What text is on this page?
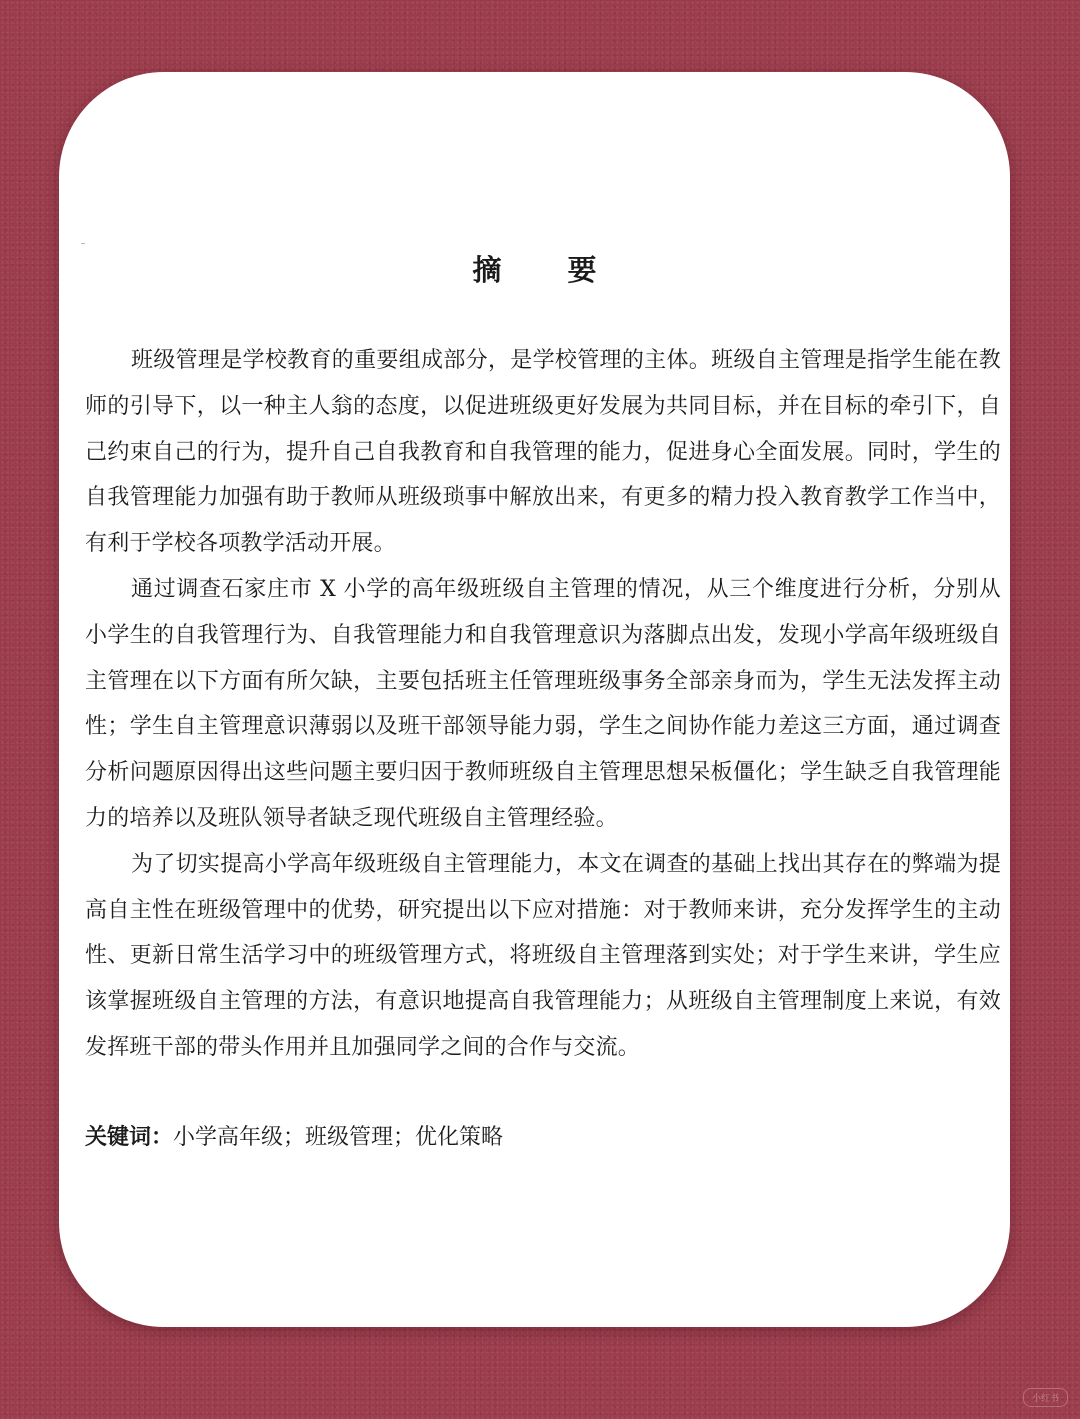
摘 要

班级管理是学校教育的重要组成部分，是学校管理的主体。班级自主管理是指学生能在教师的引导下，以一种主人翁的态度，以促进班级更好发展为共同目标，并在目标的牵引下，自己约束自己的行为，提升自己自我教育和自我管理的能力，促进身心全面发展。同时，学生的自我管理能力加强有助于教师从班级琐事中解放出来，有更多的精力投入教育教学工作当中，有利于学校各项教学活动开展。

通过调查石家庄市 X 小学的高年级班级自主管理的情况，从三个维度进行分析，分别从小学生的自我管理行为、自我管理能力和自我管理意识为落脚点出发，发现小学高年级班级自主管理在以下方面有所欠缺，主要包括班主任管理班级事务全部亲身而为，学生无法发挥主动性；学生自主管理意识薄弱以及班干部领导能力弱，学生之间协作能力差这三方面，通过调查分析问题原因得出这些问题主要归因于教师班级自主管理思想呆板僵化；学生缺乏自我管理能力的培养以及班队领导者缺乏现代班级自主管理经验。

为了切实提高小学高年级班级自主管理能力，本文在调查的基础上找出其存在的弊端为提高自主性在班级管理中的优势，研究提出以下应对措施：对于教师来讲，充分发挥学生的主动性、更新日常生活学习中的班级管理方式，将班级自主管理落到实处；对于学生来讲，学生应该掌握班级自主管理的方法，有意识地提高自我管理能力；从班级自主管理制度上来说，有效发挥班干部的带头作用并且加强同学之间的合作与交流。

关键词：小学高年级；班级管理；优化策略
小红书
